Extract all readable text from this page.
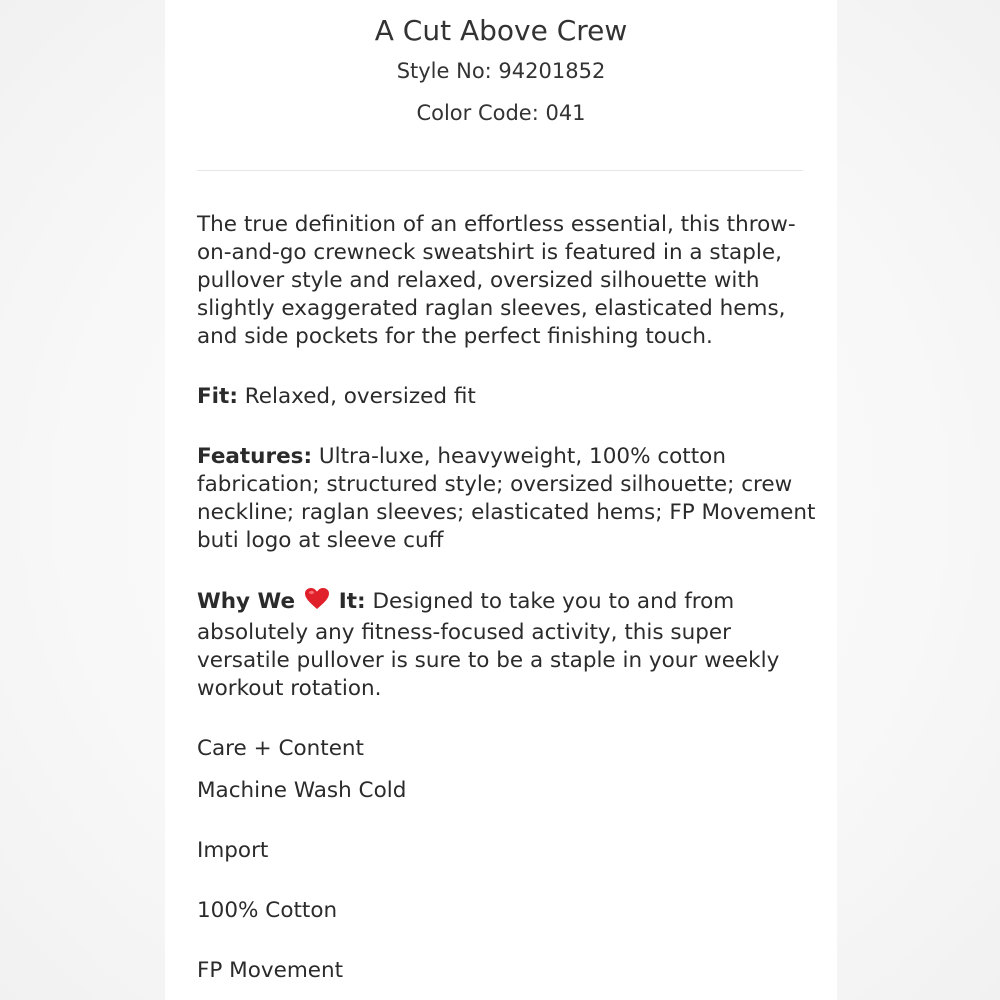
A Cut Above Crew

Style No: 94201852

Color Code: 041

The true definition of an effortless essential, this throw-on-and-go crewneck sweatshirt is featured in a staple, pullover style and relaxed, oversized silhouette with slightly exaggerated raglan sleeves, elasticated hems, and side pockets for the perfect finishing touch.

Fit: Relaxed, oversized fit

Features: Ultra-luxe, heavyweight, 100% cotton fabrication; structured style; oversized silhouette; crew neckline; raglan sleeves; elasticated hems; FP Movement buti logo at sleeve cuff

Why We It: Designed to take you to and from absolutely any fitness-focused activity, this super versatile pullover is sure to be a staple in your weekly workout rotation.

Care + Content

Machine Wash Cold

Import

100% Cotton

FP Movement
